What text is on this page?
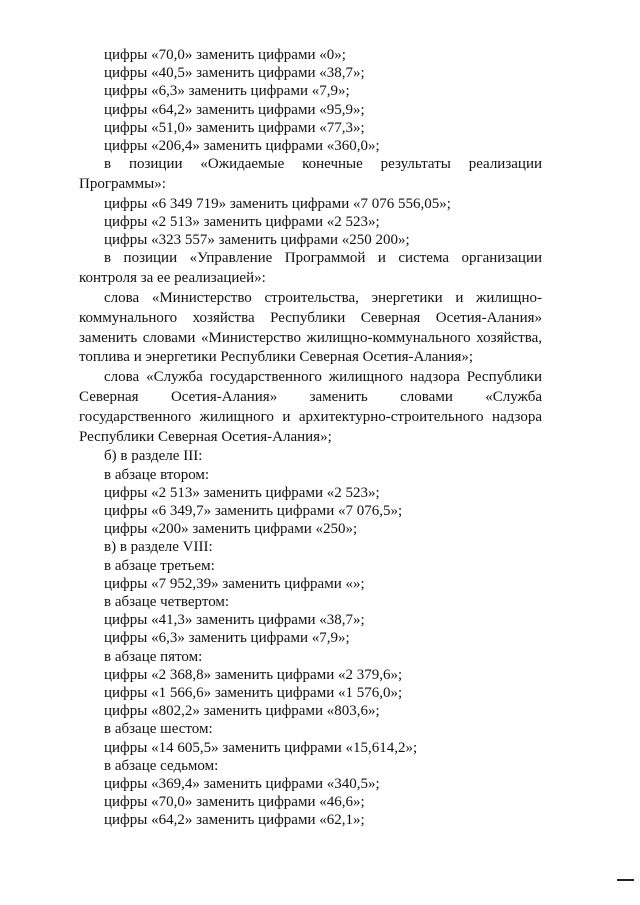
цифры «70,0» заменить цифрами «0»;

цифры «40,5» заменить цифрами «38,7»;

цифры «6,3» заменить цифрами «7,9»;

цифры «64,2» заменить цифрами «95,9»;

цифры «51,0» заменить цифрами «77,3»;

цифры «206,4» заменить цифрами «360,0»;

в позиции «Ожидаемые конечные результаты реализации Программы»:

цифры «6 349 719» заменить цифрами «7 076 556,05»;

цифры «2 513» заменить цифрами «2 523»;

цифры «323 557» заменить цифрами «250 200»;

в позиции «Управление Программой и система организации контроля за ее реализацией»:

слова «Министерство строительства, энергетики и жилищно-коммунального хозяйства Республики Северная Осетия-Алания» заменить словами «Министерство жилищно-коммунального хозяйства, топлива и энергетики Республики Северная Осетия-Алания»;

слова «Служба государственного жилищного надзора Республики Северная Осетия-Алания» заменить словами «Служба государственного жилищного и архитектурно-строительного надзора Республики Северная Осетия-Алания»;

б) в разделе III:

в абзаце втором:

цифры «2 513» заменить цифрами «2 523»;

цифры «6 349,7» заменить цифрами «7 076,5»;

цифры «200» заменить цифрами «250»;

в) в разделе VIII:

в абзаце третьем:

цифры «7 952,39» заменить цифрами «»;

в абзаце четвертом:

цифры «41,3» заменить цифрами «38,7»;

цифры «6,3» заменить цифрами «7,9»;

в абзаце пятом:

цифры «2 368,8» заменить цифрами «2 379,6»;

цифры «1 566,6» заменить цифрами «1 576,0»;

цифры «802,2» заменить цифрами «803,6»;

в абзаце шестом:

цифры «14 605,5» заменить цифрами «15,614,2»;

в абзаце седьмом:

цифры «369,4» заменить цифрами «340,5»;

цифры «70,0» заменить цифрами «46,6»;

цифры «64,2» заменить цифрами «62,1»;
